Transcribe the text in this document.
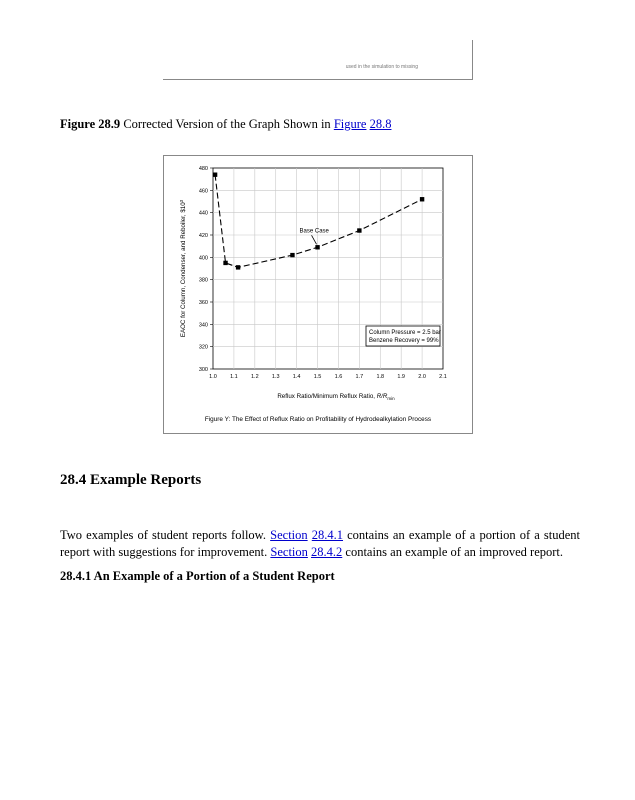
used in the simulation to missing
Figure 28.9 Corrected Version of the Graph Shown in Figure 28.8
300
320
340
360
380
400
420
440
460
480
1.0 1.1 1.2 1.3 1.4 1.5 1.6 1.7 1.8 1.9 2.0 2.1
Base Case
Column Pressure = 2.5 bar
Benzene Recovery = 99%
EAOC for Column, Condenser, and Reboiler, $\$10^3$
Reflux Ratio/Minimum Reflux Ratio, $R/R_{min}$
Figure Y: The Effect of Reflux Ratio on Profitability of Hydrodealkylation Process
28.4 Example Reports

Two examples of student reports follow. Section 28.4.1 contains an example of a portion of a student report with suggestions for improvement. Section 28.4.2 contains an example of an improved report.

28.4.1 An Example of a Portion of a Student Report
